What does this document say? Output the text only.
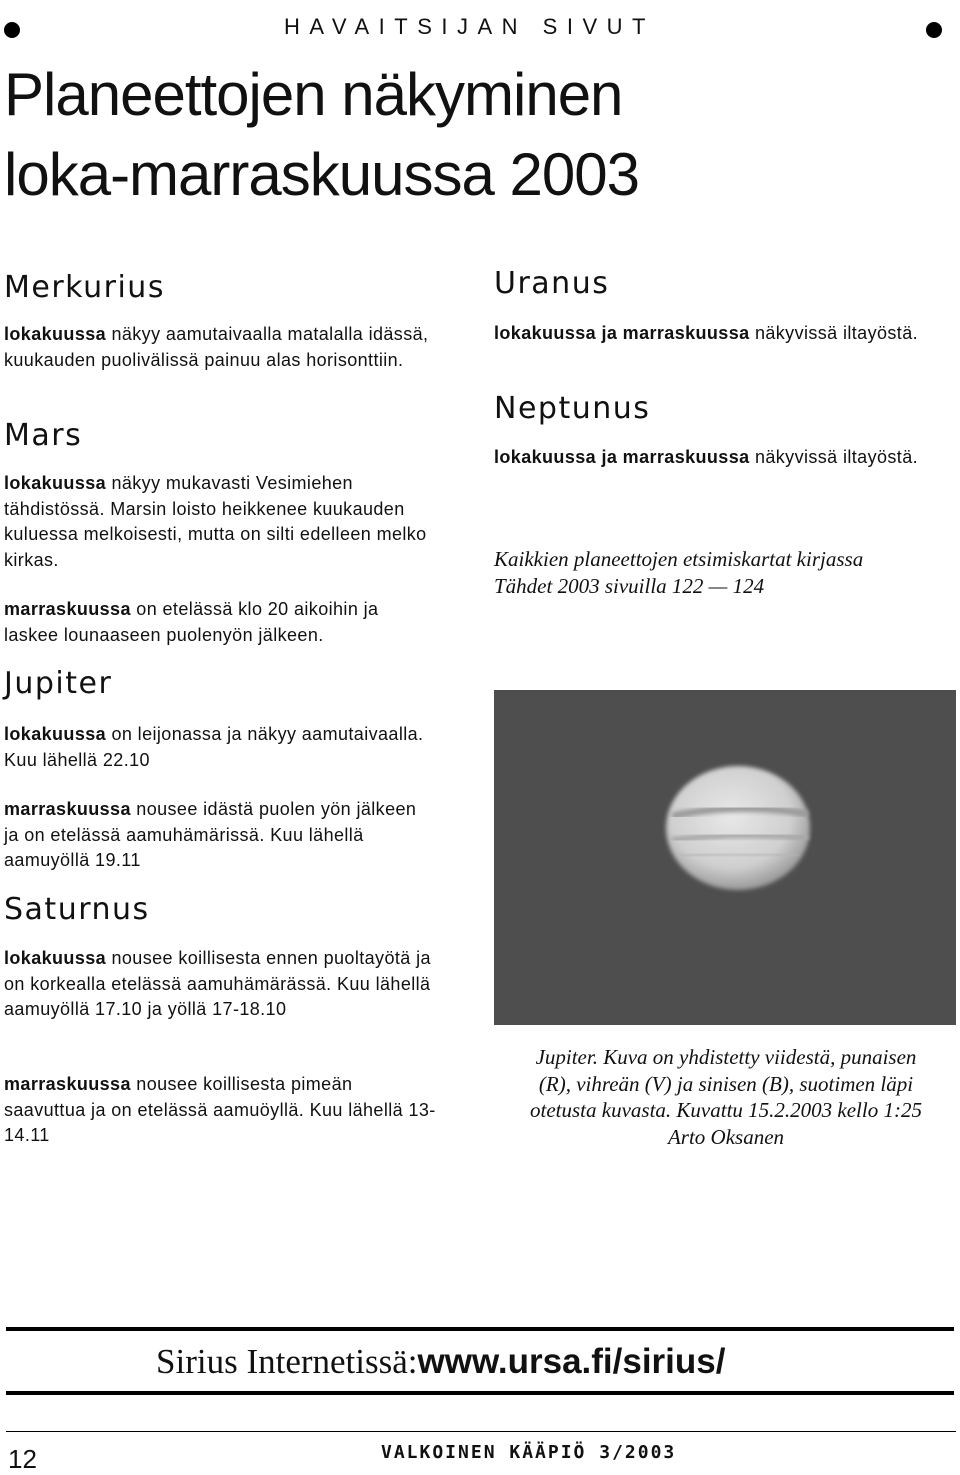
HAVAITSIJAN SIVUT
Planeettojen näkyminen
loka-marraskuussa 2003
Merkurius
lokakuussa näkyy aamutaivaalla matalalla idässä, kuukauden puolivälissä painuu alas horisonttiin.
Mars
lokakuussa näkyy mukavasti Vesimiehen tähdistössä. Marsin loisto heikkenee kuukauden kuluessa melkoisesti, mutta on silti edelleen melko kirkas.
marraskuussa on etelässä klo 20 aikoihin ja laskee lounaaseen puolenyön jälkeen.
Jupiter
lokakuussa on leijonassa ja näkyy aamutaivaalla. Kuu lähellä 22.10
marraskuussa nousee idästä puolen yön jälkeen ja on etelässä aamuhämärissä. Kuu lähellä aamuyöllä 19.11
Saturnus
lokakuussa nousee koillisesta ennen puoltayötä ja on korkealla etelässä aamuhämärässä. Kuu lähellä aamuyöllä 17.10 ja yöllä 17-18.10
marraskuussa nousee koillisesta pimeän saavuttua ja on etelässä aamuöyllä. Kuu lähellä 13-14.11
Uranus
lokakuussa ja marraskuussa näkyvissä iltayöstä.
Neptunus
lokakuussa ja marraskuussa näkyvissä iltayöstä.
Kaikkien planeettojen etsimiskartat kirjassa Tähdet 2003 sivuilla 122 — 124
Jupiter. Kuva on yhdistetty viidestä, punaisen
(R), vihreän (V) ja sinisen (B), suotimen läpi
otetusta kuvasta. Kuvattu 15.2.2003 kello 1:25
Arto Oksanen
Sirius Internetissä:www.ursa.fi/sirius/
12	VALKOINEN KÄÄPIÖ 3/2003
